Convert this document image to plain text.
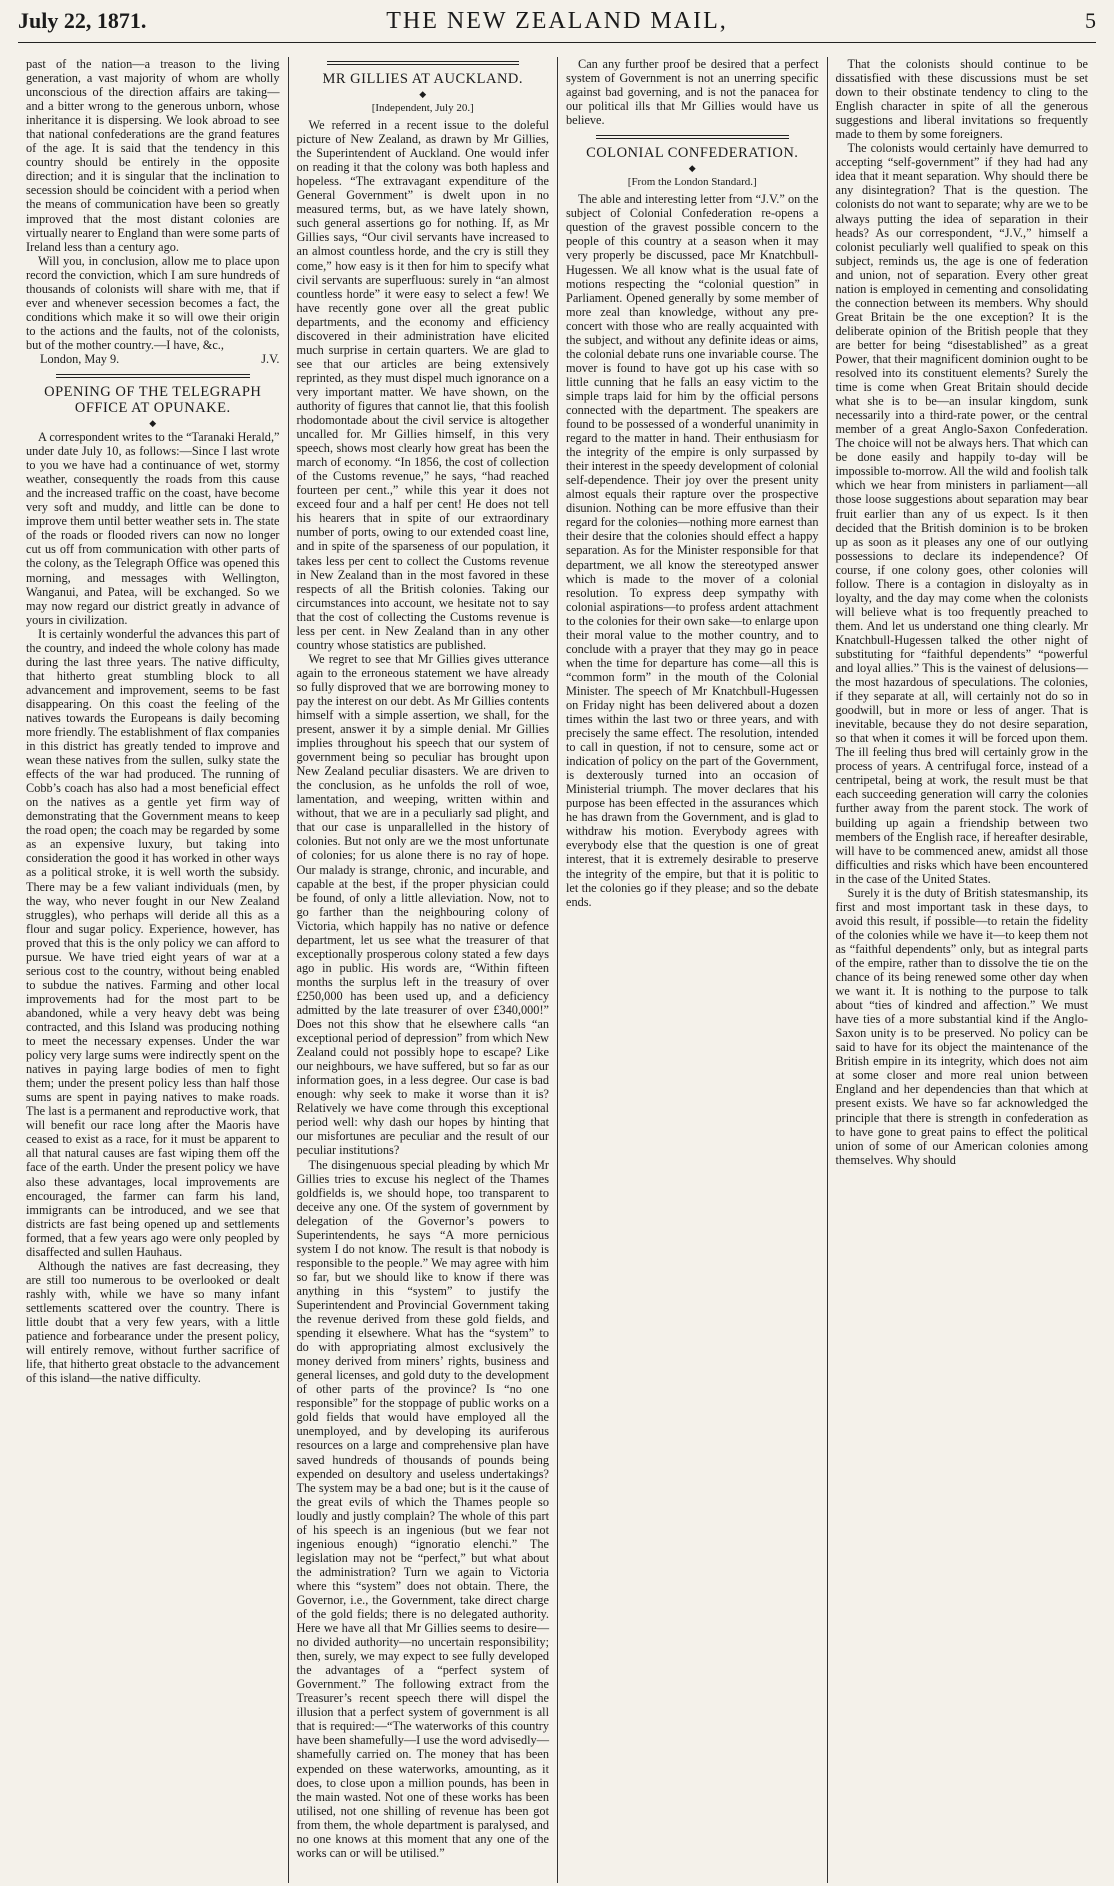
July 22, 1871.	THE NEW ZEALAND MAIL,	5

past of the nation—a treason to the living generation, a vast majority of whom are wholly unconscious of the direction affairs are taking—and a bitter wrong to the generous unborn, whose inheritance it is dispersing. We look abroad to see that national confederations are the grand features of the age. It is said that the tendency in this country should be entirely in the opposite direction; and it is singular that the inclination to secession should be coincident with a period when the means of communication have been so greatly improved that the most distant colonies are virtually nearer to England than were some parts of Ireland less than a century ago.

Will you, in conclusion, allow me to place upon record the conviction, which I am sure hundreds of thousands of colonists will share with me, that if ever and whenever secession becomes a fact, the conditions which make it so will owe their origin to the actions and the faults, not of the colonists, but of the mother country.—I have, &c.,

London, May 9.	J.V.
OPENING OF THE TELEGRAPH OFFICE AT OPUNAKE.
◆

A correspondent writes to the “Taranaki Herald,” under date July 10, as follows:—Since I last wrote to you we have had a continuance of wet, stormy weather, consequently the roads from this cause and the increased traffic on the coast, have become very soft and muddy, and little can be done to improve them until better weather sets in. The state of the roads or flooded rivers can now no longer cut us off from communication with other parts of the colony, as the Telegraph Office was opened this morning, and messages with Wellington, Wanganui, and Patea, will be exchanged. So we may now regard our district greatly in advance of yours in civilization.

It is certainly wonderful the advances this part of the country, and indeed the whole colony has made during the last three years. The native difficulty, that hitherto great stumbling block to all advancement and improvement, seems to be fast disappearing. On this coast the feeling of the natives towards the Europeans is daily becoming more friendly. The establishment of flax companies in this district has greatly tended to improve and wean these natives from the sullen, sulky state the effects of the war had produced. The running of Cobb’s coach has also had a most beneficial effect on the natives as a gentle yet firm way of demonstrating that the Government means to keep the road open; the coach may be regarded by some as an expensive luxury, but taking into consideration the good it has worked in other ways as a political stroke, it is well worth the subsidy. There may be a few valiant individuals (men, by the way, who never fought in our New Zealand struggles), who perhaps will deride all this as a flour and sugar policy. Experience, however, has proved that this is the only policy we can afford to pursue. We have tried eight years of war at a serious cost to the country, without being enabled to subdue the natives. Farming and other local improvements had for the most part to be abandoned, while a very heavy debt was being contracted, and this Island was producing nothing to meet the necessary expenses. Under the war policy very large sums were indirectly spent on the natives in paying large bodies of men to fight them; under the present policy less than half those sums are spent in paying natives to make roads. The last is a permanent and reproductive work, that will benefit our race long after the Maoris have ceased to exist as a race, for it must be apparent to all that natural causes are fast wiping them off the face of the earth. Under the present policy we have also these advantages, local improvements are encouraged, the farmer can farm his land, immigrants can be introduced, and we see that districts are fast being opened up and settlements formed, that a few years ago were only peopled by disaffected and sullen Hauhaus.

Although the natives are fast decreasing, they are still too numerous to be overlooked or dealt rashly with, while we have so many infant settlements scattered over the country. There is little doubt that a very few years, with a little patience and forbearance under the present policy, will entirely remove, without further sacrifice of life, that hitherto great obstacle to the advancement of this island—the native difficulty.

MR GILLIES AT AUCKLAND.
◆
[Independent, July 20.]

We referred in a recent issue to the doleful picture of New Zealand, as drawn by Mr Gillies, the Superintendent of Auckland. One would infer on reading it that the colony was both hapless and hopeless. “The extravagant expenditure of the General Government” is dwelt upon in no measured terms, but, as we have lately shown, such general assertions go for nothing. If, as Mr Gillies says, “Our civil servants have increased to an almost countless horde, and the cry is still they come,” how easy is it then for him to specify what civil servants are superfluous: surely in “an almost countless horde” it were easy to select a few! We have recently gone over all the great public departments, and the economy and efficiency discovered in their administration have elicited much surprise in certain quarters. We are glad to see that our articles are being extensively reprinted, as they must dispel much ignorance on a very important matter. We have shown, on the authority of figures that cannot lie, that this foolish rhodomontade about the civil service is altogether uncalled for. Mr Gillies himself, in this very speech, shows most clearly how great has been the march of economy. “In 1856, the cost of collection of the Customs revenue,” he says, “had reached fourteen per cent.,” while this year it does not exceed four and a half per cent! He does not tell his hearers that in spite of our extraordinary number of ports, owing to our extended coast line, and in spite of the sparseness of our population, it takes less per cent to collect the Customs revenue in New Zealand than in the most favored in these respects of all the British colonies. Taking our circumstances into account, we hesitate not to say that the cost of collecting the Customs revenue is less per cent. in New Zealand than in any other country whose statistics are published.

We regret to see that Mr Gillies gives utterance again to the erroneous statement we have already so fully disproved that we are borrowing money to pay the interest on our debt. As Mr Gillies contents himself with a simple assertion, we shall, for the present, answer it by a simple denial. Mr Gillies implies throughout his speech that our system of government being so peculiar has brought upon New Zealand peculiar disasters. We are driven to the conclusion, as he unfolds the roll of woe, lamentation, and weeping, written within and without, that we are in a peculiarly sad plight, and that our case is unparallelled in the history of colonies. But not only are we the most unfortunate of colonies; for us alone there is no ray of hope. Our malady is strange, chronic, and incurable, and capable at the best, if the proper physician could be found, of only a little alleviation. Now, not to go farther than the neighbouring colony of Victoria, which happily has no native or defence department, let us see what the treasurer of that exceptionally prosperous colony stated a few days ago in public. His words are, “Within fifteen months the surplus left in the treasury of over £250,000 has been used up, and a deficiency admitted by the late treasurer of over £340,000!” Does not this show that he elsewhere calls “an exceptional period of depression” from which New Zealand could not possibly hope to escape? Like our neighbours, we have suffered, but so far as our information goes, in a less degree. Our case is bad enough: why seek to make it worse than it is? Relatively we have come through this exceptional period well: why dash our hopes by hinting that our misfortunes are peculiar and the result of our peculiar institutions?

The disingenuous special pleading by which Mr Gillies tries to excuse his neglect of the Thames goldfields is, we should hope, too transparent to deceive any one. Of the system of government by delegation of the Governor’s powers to Superintendents, he says “A more pernicious system I do not know. The result is that nobody is responsible to the people.” We may agree with him so far, but we should like to know if there was anything in this “system” to justify the Superintendent and Provincial Government taking the revenue derived from these gold fields, and spending it elsewhere. What has the “system” to do with appropriating almost exclusively the money derived from miners’ rights, business and general licenses, and gold duty to the development of other parts of the province? Is “no one responsible” for the stoppage of public works on a gold fields that would have employed all the unemployed, and by developing its auriferous resources on a large and comprehensive plan have saved hundreds of thousands of pounds being expended on desultory and useless undertakings? The system may be a bad one; but is it the cause of the great evils of which the Thames people so loudly and justly complain? The whole of this part of his speech is an ingenious (but we fear not ingenious enough) “ignoratio elenchi.” The legislation may not be “perfect,” but what about the administration? Turn we again to Victoria where this “system” does not obtain. There, the Governor, i.e., the Government, take direct charge of the gold fields; there is no delegated authority. Here we have all that Mr Gillies seems to desire—no divided authority—no uncertain responsibility; then, surely, we may expect to see fully developed the advantages of a “perfect system of Government.” The following extract from the Treasurer’s recent speech there will dispel the illusion that a perfect system of government is all that is required:—“The waterworks of this country have been shamefully—I use the word advisedly—shamefully carried on. The money that has been expended on these waterworks, amounting, as it does, to close upon a million pounds, has been in the main wasted. Not one of these works has been utilised, not one shilling of revenue has been got from them, the whole department is paralysed, and no one knows at this moment that any one of the works can or will be utilised.”

Can any further proof be desired that a perfect system of Government is not an unerring specific against bad governing, and is not the panacea for our political ills that Mr Gillies would have us believe.

COLONIAL CONFEDERATION.
◆
[From the London Standard.]

The able and interesting letter from “J.V.” on the subject of Colonial Confederation re-opens a question of the gravest possible concern to the people of this country at a season when it may very properly be discussed, pace Mr Knatchbull-Hugessen. We all know what is the usual fate of motions respecting the “colonial question” in Parliament. Opened generally by some member of more zeal than knowledge, without any pre-concert with those who are really acquainted with the subject, and without any definite ideas or aims, the colonial debate runs one invariable course. The mover is found to have got up his case with so little cunning that he falls an easy victim to the simple traps laid for him by the official persons connected with the department. The speakers are found to be possessed of a wonderful unanimity in regard to the matter in hand. Their enthusiasm for the integrity of the empire is only surpassed by their interest in the speedy development of colonial self-dependence. Their joy over the present unity almost equals their rapture over the prospective disunion. Nothing can be more effusive than their regard for the colonies—nothing more earnest than their desire that the colonies should effect a happy separation. As for the Minister responsible for that department, we all know the stereotyped answer which is made to the mover of a colonial resolution. To express deep sympathy with colonial aspirations—to profess ardent attachment to the colonies for their own sake—to enlarge upon their moral value to the mother country, and to conclude with a prayer that they may go in peace when the time for departure has come—all this is “common form” in the mouth of the Colonial Minister. The speech of Mr Knatchbull-Hugessen on Friday night has been delivered about a dozen times within the last two or three years, and with precisely the same effect. The resolution, intended to call in question, if not to censure, some act or indication of policy on the part of the Government, is dexterously turned into an occasion of Ministerial triumph. The mover declares that his purpose has been effected in the assurances which he has drawn from the Government, and is glad to withdraw his motion. Everybody agrees with everybody else that the question is one of great interest, that it is extremely desirable to preserve the integrity of the empire, but that it is politic to let the colonies go if they please; and so the debate ends.

That the colonists should continue to be dissatisfied with these discussions must be set down to their obstinate tendency to cling to the English character in spite of all the generous suggestions and liberal invitations so frequently made to them by some foreigners.

The colonists would certainly have demurred to accepting “self-government” if they had had any idea that it meant separation. Why should there be any disintegration? That is the question. The colonists do not want to separate; why are we to be always putting the idea of separation in their heads? As our correspondent, “J.V.,” himself a colonist peculiarly well qualified to speak on this subject, reminds us, the age is one of federation and union, not of separation. Every other great nation is employed in cementing and consolidating the connection between its members. Why should Great Britain be the one exception? It is the deliberate opinion of the British people that they are better for being “disestablished” as a great Power, that their magnificent dominion ought to be resolved into its constituent elements? Surely the time is come when Great Britain should decide what she is to be—an insular kingdom, sunk necessarily into a third-rate power, or the central member of a great Anglo-Saxon Confederation. The choice will not be always hers. That which can be done easily and happily to-day will be impossible to-morrow. All the wild and foolish talk which we hear from ministers in parliament—all those loose suggestions about separation may bear fruit earlier than any of us expect. Is it then decided that the British dominion is to be broken up as soon as it pleases any one of our outlying possessions to declare its independence? Of course, if one colony goes, other colonies will follow. There is a contagion in disloyalty as in loyalty, and the day may come when the colonists will believe what is too frequently preached to them. And let us understand one thing clearly. Mr Knatchbull-Hugessen talked the other night of substituting for “faithful dependents” “powerful and loyal allies.” This is the vainest of delusions—the most hazardous of speculations. The colonies, if they separate at all, will certainly not do so in goodwill, but in more or less of anger. That is inevitable, because they do not desire separation, so that when it comes it will be forced upon them. The ill feeling thus bred will certainly grow in the process of years. A centrifugal force, instead of a centripetal, being at work, the result must be that each succeeding generation will carry the colonies further away from the parent stock. The work of building up again a friendship between two members of the English race, if hereafter desirable, will have to be commenced anew, amidst all those difficulties and risks which have been encountered in the case of the United States.

Surely it is the duty of British statesmanship, its first and most important task in these days, to avoid this result, if possible—to retain the fidelity of the colonies while we have it—to keep them not as “faithful dependents” only, but as integral parts of the empire, rather than to dissolve the tie on the chance of its being renewed some other day when we want it. It is nothing to the purpose to talk about “ties of kindred and affection.” We must have ties of a more substantial kind if the Anglo-Saxon unity is to be preserved. No policy can be said to have for its object the maintenance of the British empire in its integrity, which does not aim at some closer and more real union between England and her dependencies than that which at present exists. We have so far acknowledged the principle that there is strength in confederation as to have gone to great pains to effect the political union of some of our American colonies among themselves. Why should
